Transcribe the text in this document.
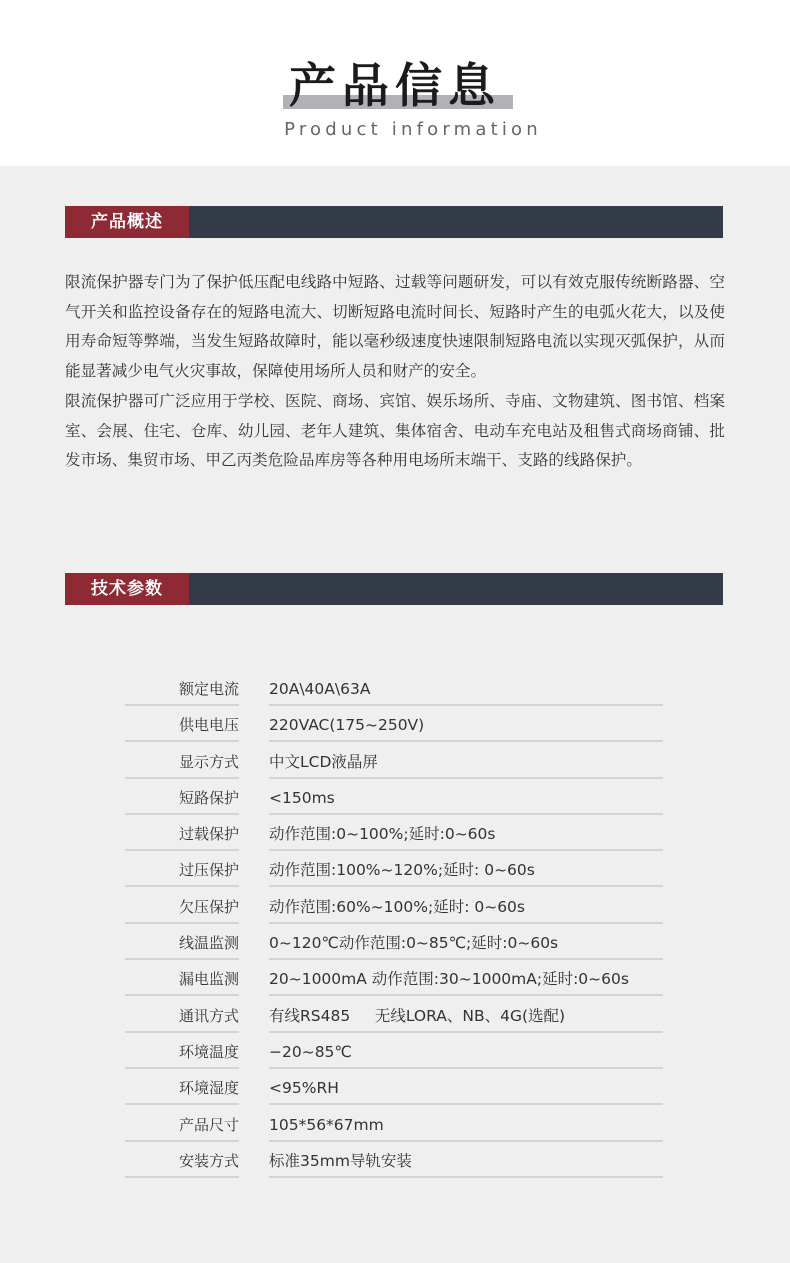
产品信息
Product information
产品概述

限流保护器专门为了保护低压配电线路中短路、过载等问题研发，可以有效克服传统断路器、空气开关和监控设备存在的短路电流大、切断短路电流时间长、短路时产生的电弧火花大，以及使用寿命短等弊端，当发生短路故障时，能以毫秒级速度快速限制短路电流以实现灭弧保护，从而能显著减少电气火灾事故，保障使用场所人员和财产的安全。

限流保护器可广泛应用于学校、医院、商场、宾馆、娱乐场所、寺庙、文物建筑、图书馆、档案室、会展、住宅、仓库、幼儿园、老年人建筑、集体宿舍、电动车充电站及租售式商场商铺、批发市场、集贸市场、甲乙丙类危险品库房等各种用电场所末端干、支路的线路保护。

技术参数
额定电流 20A\40A\63A
供电电压 220VAC(175~250V)
显示方式 中文LCD液晶屏
短路保护 <150ms
过载保护 动作范围:0~100%;延时:0~60s
过压保护 动作范围:100%~120%;延时: 0~60s
欠压保护 动作范围:60%~100%;延时: 0~60s
线温监测 0~120℃动作范围:0~85℃;延时:0~60s
漏电监测 20~1000mA 动作范围:30~1000mA;延时:0~60s
通讯方式 有线RS485     无线LORA、NB、4G(选配)
环境温度 −20~85℃
环境湿度 <95%RH
产品尺寸 105*56*67mm
安装方式 标准35mm导轨安装
